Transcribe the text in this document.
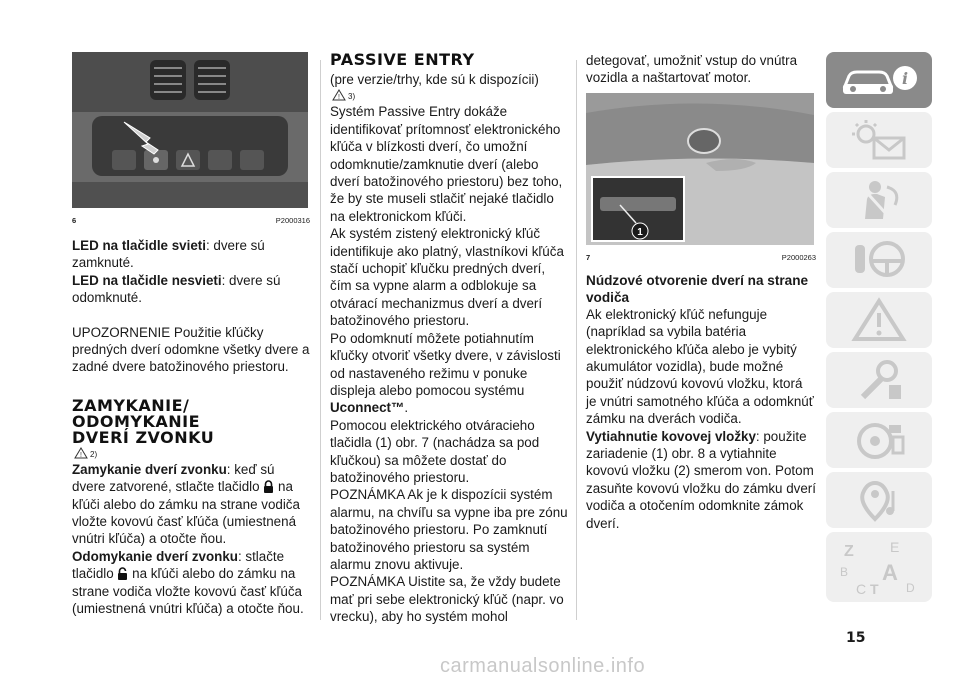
6	P2000316

LED na tlačidle svieti: dvere sú zamknuté.

LED na tlačidle nesvieti: dvere sú odomknuté.

UPOZORNENIE Použitie kľúčky predných dverí odomkne všetky dvere a zadné dvere batožinového priestoru.

ZAMYKANIE/
ODOMYKANIE
DVERÍ ZVONKU
! 2)

Zamykanie dverí zvonku: keď sú dvere zatvorené, stlačte tlačidlo  na kľúči alebo do zámku na strane vodiča vložte kovovú časť kľúča (umiestnená vnútri kľúča) a otočte ňou.

Odomykanie dverí zvonku: stlačte tlačidlo  na kľúči alebo do zámku na strane vodiča vložte kovovú časť kľúča (umiestnená vnútri kľúča) a otočte ňou.

PASSIVE ENTRY

(pre verzie/trhy, kde sú k dispozícii)

! 3)

Systém Passive Entry dokáže identifikovať prítomnosť elektronického kľúča v blízkosti dverí, čo umožní odomknutie/zamknutie dverí (alebo dverí batožinového priestoru) bez toho, že by ste museli stlačiť nejaké tlačidlo na elektronickom kľúči.

Ak systém zistený elektronický kľúč identifikuje ako platný, vlastníkovi kľúča stačí uchopiť kľučku predných dverí, čím sa vypne alarm a odblokuje sa otvárací mechanizmus dverí a dverí batožinového priestoru.

Po odomknutí môžete potiahnutím kľučky otvoriť všetky dvere, v závislosti od nastaveného režimu v ponuke displeja alebo pomocou systému Uconnect™.

Pomocou elektrického otváracieho tlačidla (1) obr. 7 (nachádza sa pod kľučkou) sa môžete dostať do batožinového priestoru.

POZNÁMKA Ak je k dispozícii systém alarmu, na chvíľu sa vypne iba pre zónu batožinového priestoru. Po zamknutí batožinového priestoru sa systém alarmu znovu aktivuje.

POZNÁMKA Uistite sa, že vždy budete mať pri sebe elektronický kľúč (napr. vo vrecku), aby ho systém mohol

detegovať, umožniť vstup do vnútra vozidla a naštartovať motor.

1
7	P2000263
Núdzové otvorenie dverí na strane vodiča

Ak elektronický kľúč nefunguje (napríklad sa vybila batéria elektronického kľúča alebo je vybitý akumulátor vozidla), bude možné použiť núdzovú kovovú vložku, ktorá je vnútri samotného kľúča a odomknúť zámku na dverách vodiča.

Vytiahnutie kovovej vložky: použite zariadenie (1) obr. 8 a vytiahnite kovovú vložku (2) smerom von. Potom zasuňte kovovú vložku do zámku dverí vodiča a otočením odomknite zámok dverí.

i
Z	E
B A
C T D
15
carmanualsonline.info
